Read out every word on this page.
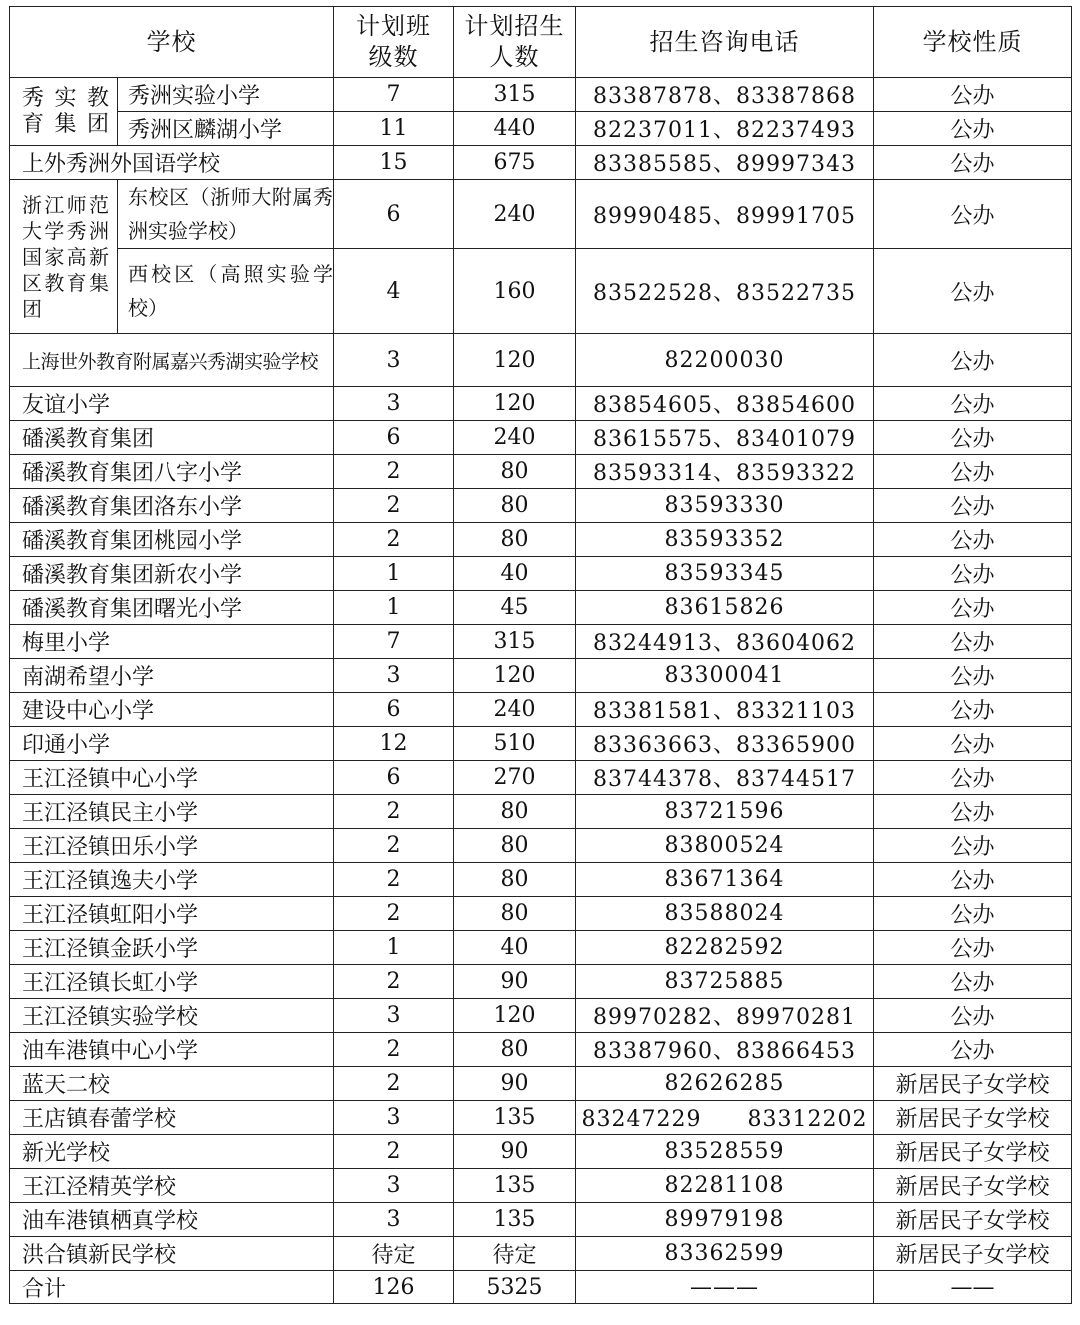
学校		计划班级数	计划招生人数	招生咨询电话	学校性质
秀实教育集团	秀洲实验小学	7	315	83387878、83387868	公办
	秀洲区麟湖小学	11	440	82237011、82237493	公办
上外秀洲外国语学校		15	675	83385585、89997343	公办
浙江师范大学秀洲国家高新区教育集团	东校区（浙师大附属秀洲实验学校）	6	240	89990485、89991705	公办
	西校区（高照实验学校）	4	160	83522528、83522735	公办
上海世外教育附属嘉兴秀湖实验学校		3	120	82200030	公办
友谊小学		3	120	83854605、83854600	公办
磻溪教育集团		6	240	83615575、83401079	公办
磻溪教育集团八字小学		2	80	83593314、83593322	公办
磻溪教育集团洛东小学		2	80	83593330	公办
磻溪教育集团桃园小学		2	80	83593352	公办
磻溪教育集团新农小学		1	40	83593345	公办
磻溪教育集团曙光小学		1	45	83615826	公办
梅里小学		7	315	83244913、83604062	公办
南湖希望小学		3	120	83300041	公办
建设中心小学		6	240	83381581、83321103	公办
印通小学		12	510	83363663、83365900	公办
王江泾镇中心小学		6	270	83744378、83744517	公办
王江泾镇民主小学		2	80	83721596	公办
王江泾镇田乐小学		2	80	83800524	公办
王江泾镇逸夫小学		2	80	83671364	公办
王江泾镇虹阳小学		2	80	83588024	公办
王江泾镇金跃小学		1	40	82282592	公办
王江泾镇长虹小学		2	90	83725885	公办
王江泾镇实验学校		3	120	89970282、89970281	公办
油车港镇中心小学		2	80	83387960、83866453	公办
蓝天二校		2	90	82626285	新居民子女学校
王店镇春蕾学校		3	135	83247229　　83312202	新居民子女学校
新光学校		2	90	83528559	新居民子女学校
王江泾精英学校		3	135	82281108	新居民子女学校
油车港镇栖真学校		3	135	89979198	新居民子女学校
洪合镇新民学校		待定	待定	83362599	新居民子女学校
合计		126	5325	———	——
